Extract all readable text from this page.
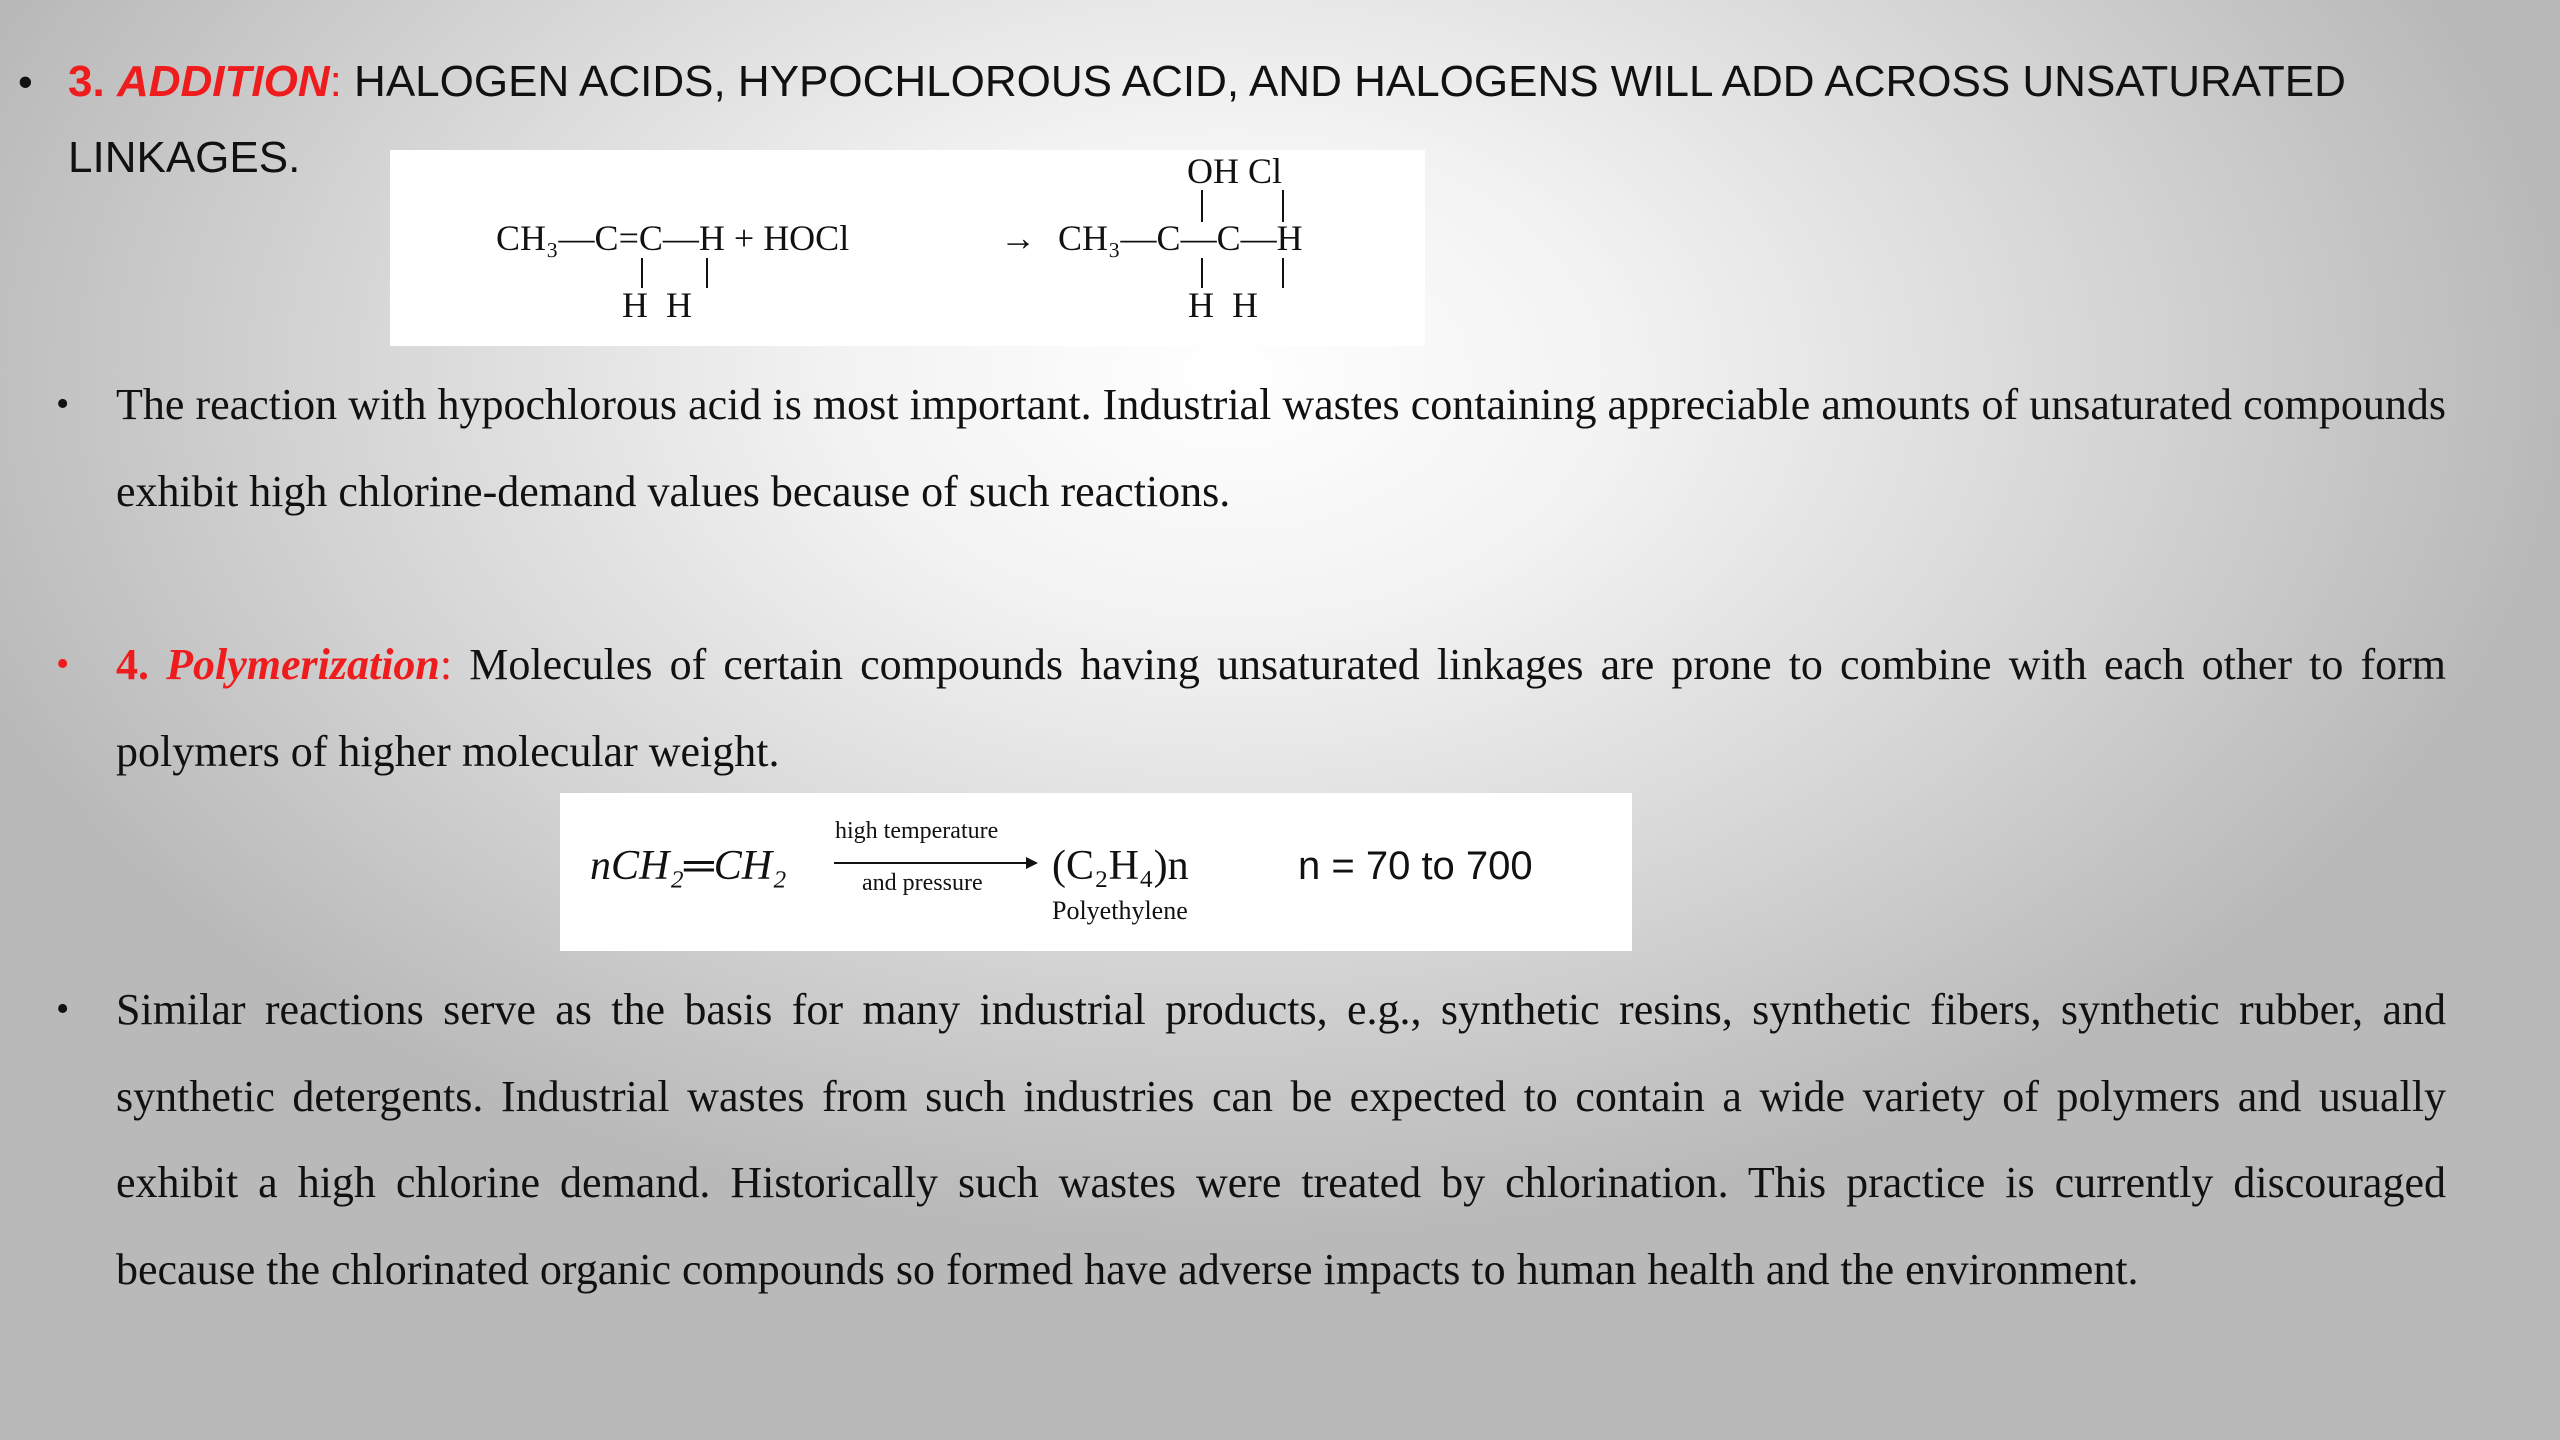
• 3. ADDITION: HALOGEN ACIDS, HYPOCHLOROUS ACID, AND HALOGENS WILL ADD ACROSS UNSATURATED
LINKAGES.
CH₃—C=C—H + HOCl	→ CH₃—C—C—H
OH Cl
H  H	H  H
• The reaction with hypochlorous acid is most important. Industrial wastes containing appreciable amounts of unsaturated compounds exhibit high chlorine-demand values because of such reactions.
• 4. Polymerization: Molecules of certain compounds having unsaturated linkages are prone to combine with each other to form polymers of higher molecular weight.
nCH₂═CH₂
high temperature
and pressure (C₂H₄)n
Polyethylene
n = 70 to 700
• Similar reactions serve as the basis for many industrial products, e.g., synthetic resins, synthetic fibers, synthetic rubber, and synthetic detergents. Industrial wastes from such industries can be expected to contain a wide variety of polymers and usually exhibit a high chlorine demand. Historically such wastes were treated by chlorination. This practice is currently discouraged because the chlorinated organic compounds so formed have adverse impacts to human health and the environment.
